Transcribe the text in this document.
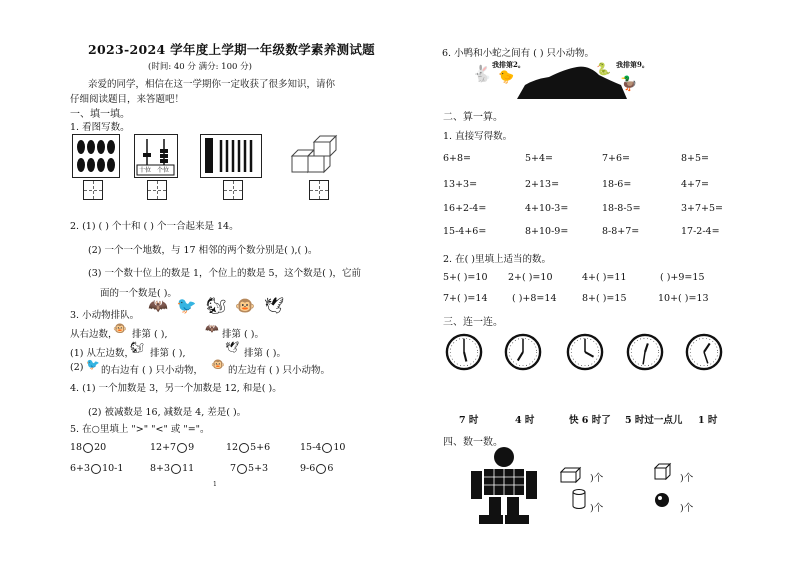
2023-2024 学年度上学期一年级数学素养测试题
(时间: 40 分 满分: 100 分)
亲爱的同学，相信在这一学期你一定收获了很多知识，请你
仔细阅读题目，来答题吧！
一、填一填。
1. 看图写数。
十位 个位
2. (1) ( ) 个十和 ( ) 个一合起来是 14。
(2) 一个一个地数，与 17 相邻的两个数分别是( ),( )。
(3) 一个数十位上的数是 1，个位上的数是 5，这个数是( )，它前
面的一个数是( )。
3. 小动物排队。
🦇🐦🐿🐵🕊
从右边数，
🐵 排第 ( ),	🦇 排第 ( )。
(1) 从左边数，
🐿 排第 ( ),	🕊 排第 ( )。
(2) 🐦 的右边有 ( ) 只小动物， 🐵 的左边有 ( ) 只小动物。
4. (1) 一个加数是 3，另一个加数是 12, 和是( )。
(2) 被减数是 16, 减数是 4, 差是( )。
5. 在○里填上 ">" "<" 或 "="。
18 20	12+7 9	12 5+6	15-4 10
6+3 10-1	8+3 11	7 5+3	9-6 6
1
6. 小鸭和小蛇之间有 ( ) 只小动物。
🐇 🐤
我排第2。	我排第9。
🐍
🦆
二、算一算。
1. 直接写得数。
6+8=	5+4=	7+6=	8+5=
13+3=	2+13=	18-6=	4+7=
16+2-4=	4+10-3=	18-8-5=	3+7+5=
15-4+6=	8+10-9=	8-8+7=	17-2-4=
2. 在( )里填上适当的数。
5+( )=10 2+( )=10	4+( )=11	( )+9=15
7+( )=14	( )+8=14	8+( )=15	10+( )=13
三、连一连。
7 时	4 时	快 6 时了 5 时过一点儿 1 时
四、数一数。
)个	)个
)个	)个
